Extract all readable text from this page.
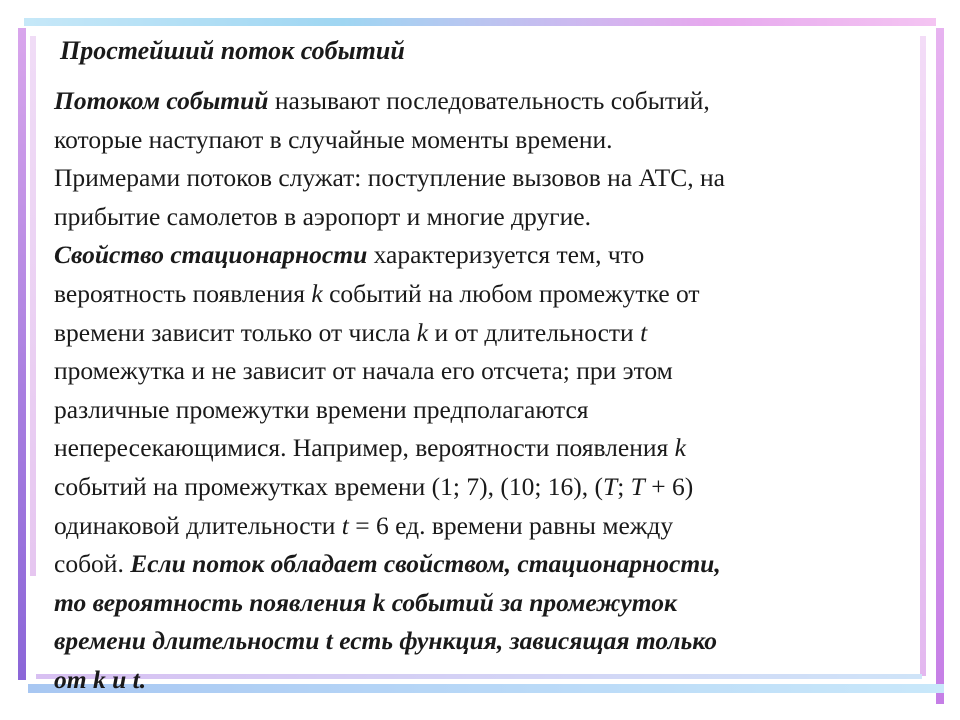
Простейший поток событий
Потоком событий называют последовательность событий,
которые наступают в случайные моменты времени.
Примерами потоков служат: поступление вызовов на АТС, на
прибытие самолетов в аэропорт и многие другие.
Свойство стационарности характеризуется тем, что
вероятность появления k событий на любом промежутке от
времени зависит только от числа k и от длительности t
промежутка и не зависит от начала его отсчета; при этом
различные промежутки времени предполагаются
непересекающимися. Например, вероятности появления k
событий на промежутках времени (1; 7), (10; 16), (T; T + 6)
одинаковой длительности t = 6 ед. времени равны между
собой. Если поток обладает свойством, стационарности,
то вероятность появления k событий за промежуток
времени длительности t есть функция, зависящая только
от k и t.
